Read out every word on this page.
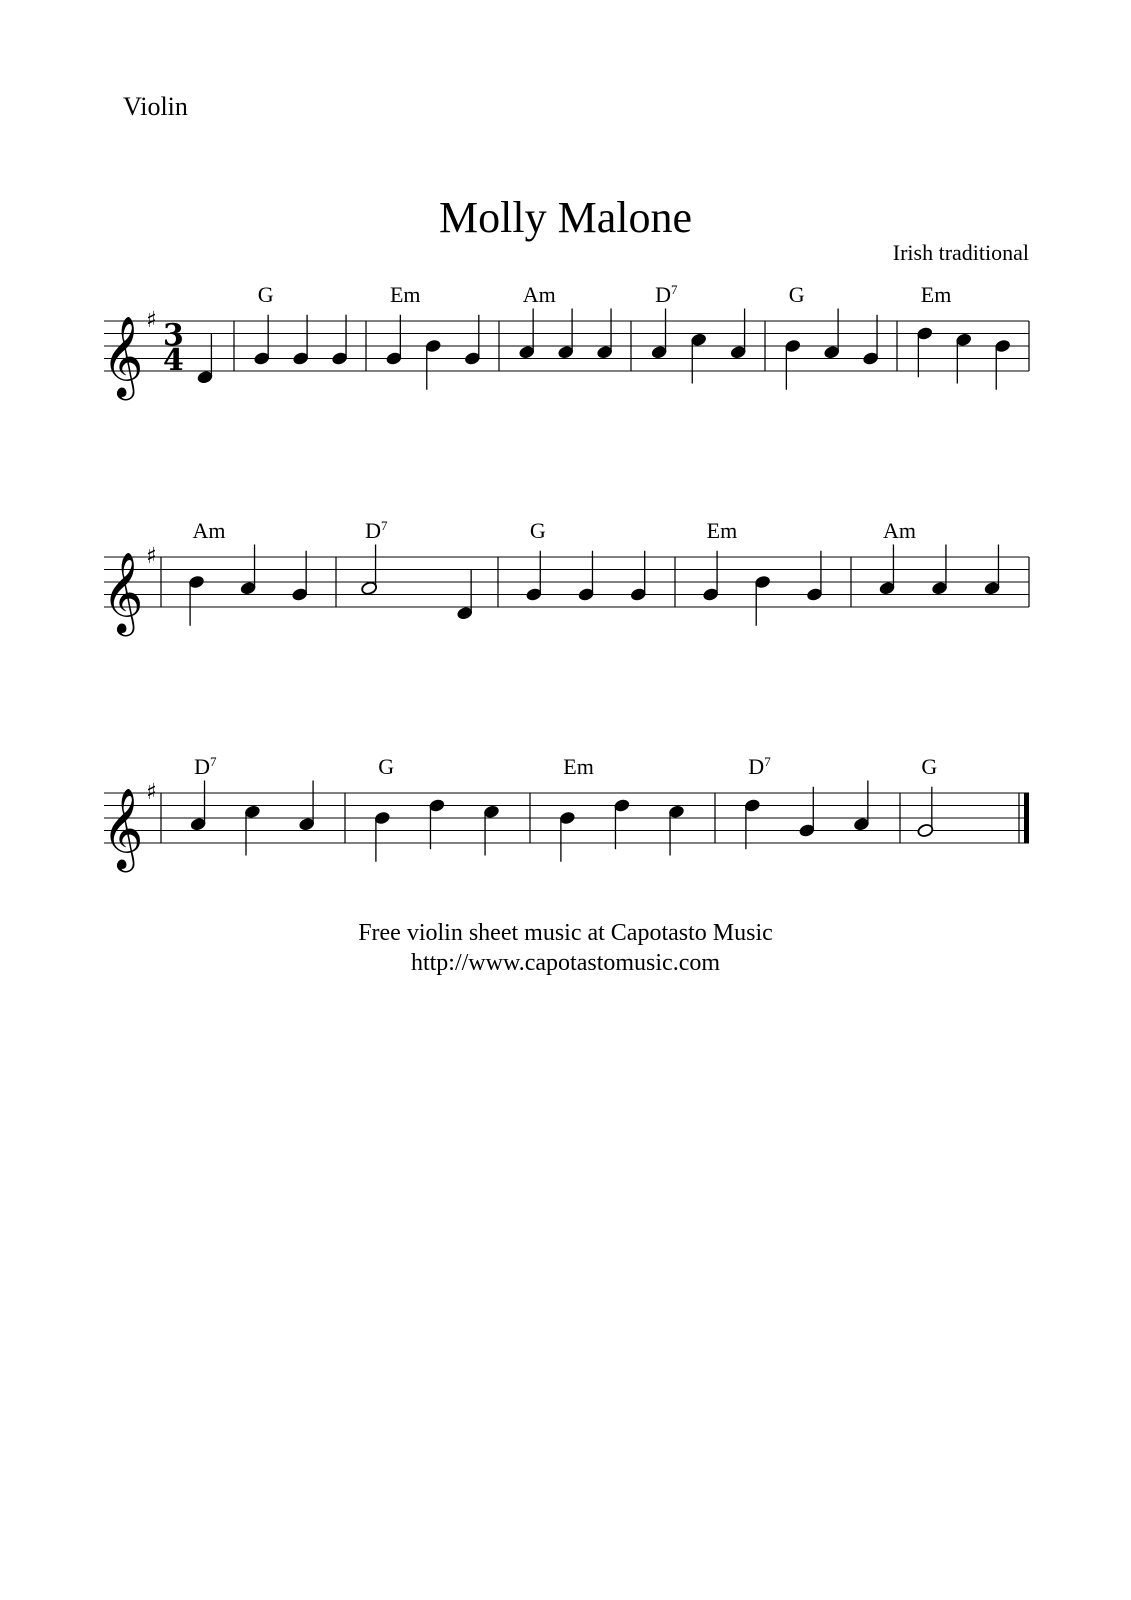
Violin
Molly Malone
Irish traditional
𝄞 ♯ 3
4
G	Em	Am	$D^7$	G	Em
𝄞 ♯
Am	$D^7$	G	Em	Am
𝄞 ♯
$D^7$	G	Em	$D^7$	G
Free violin sheet music at Capotasto Music
http://www.capotastomusic.com
